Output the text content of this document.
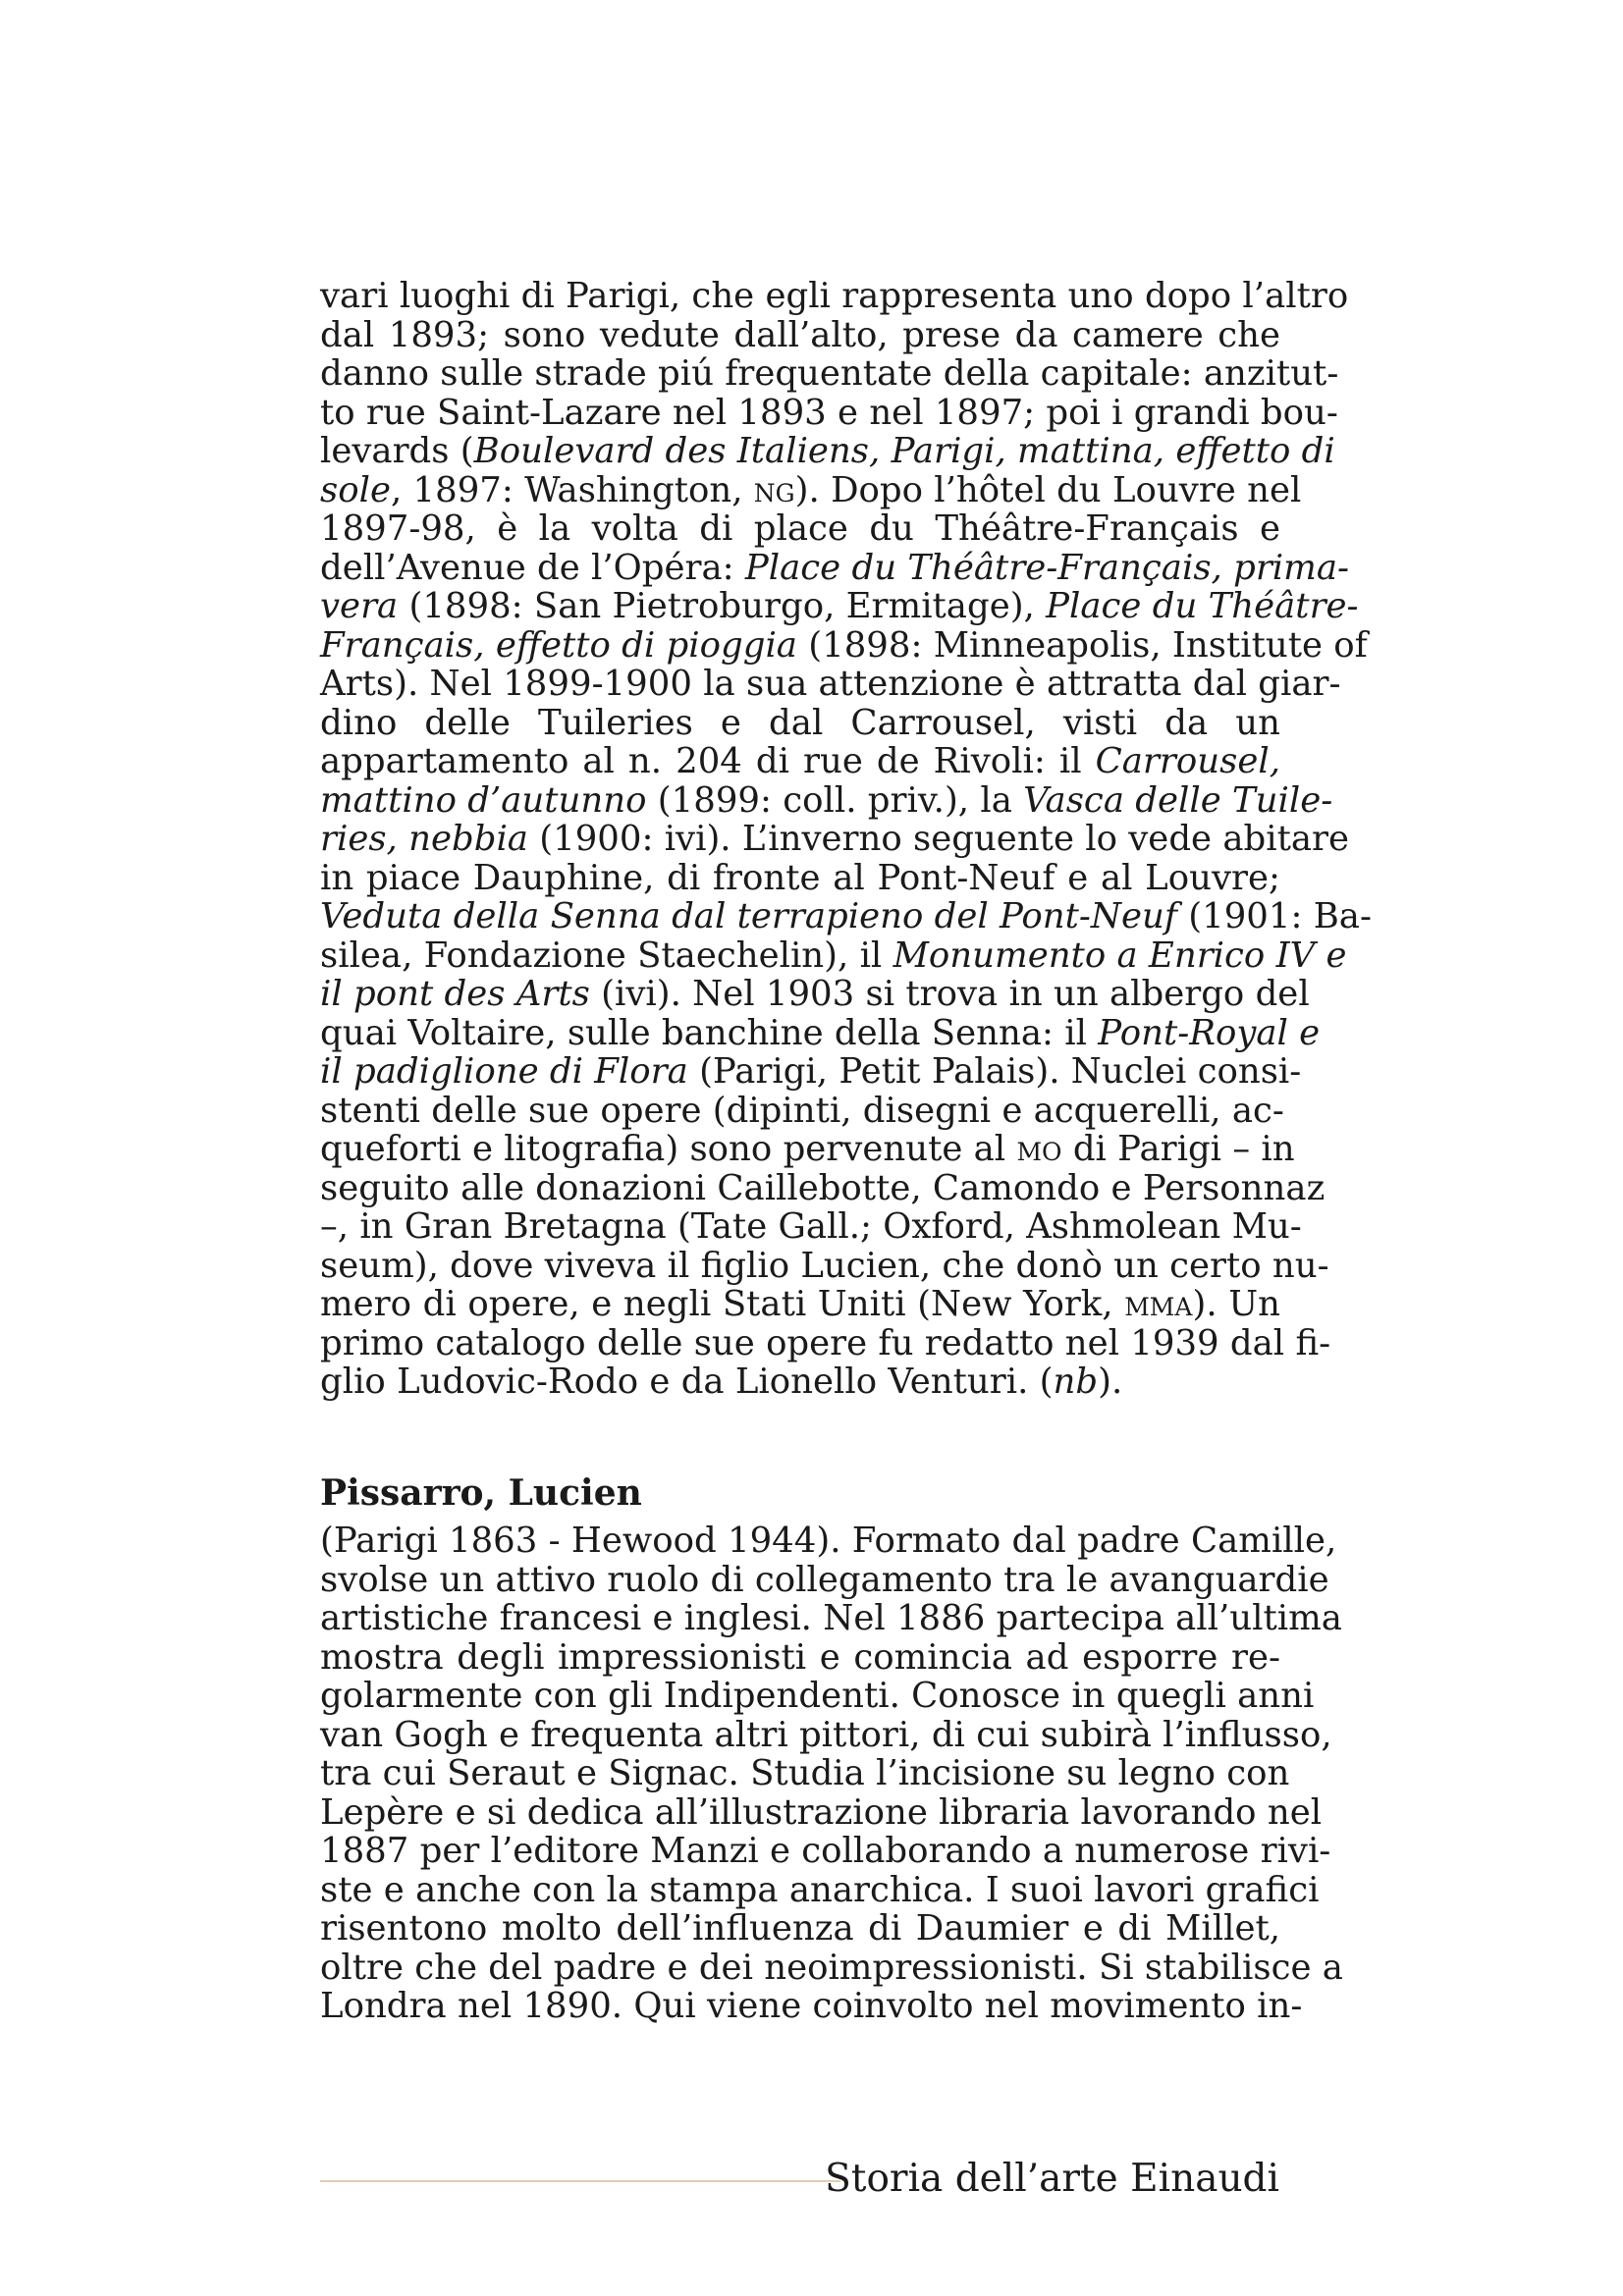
vari luoghi di Parigi, che egli rappresenta uno dopo l’altro
dal 1893; sono vedute dall’alto, prese da camere che
danno sulle strade piú frequentate della capitale: anzitut-
to rue Saint-Lazare nel 1893 e nel 1897; poi i grandi bou-
levards (Boulevard des Italiens, Parigi, mattina, effetto di
sole, 1897: Washington, ng). Dopo l’hôtel du Louvre nel
1897-98, è la volta di place du Théâtre-Français e
dell’Avenue de l’Opéra: Place du Théâtre-Français, prima-
vera (1898: San Pietroburgo, Ermitage), Place du Théâtre-
Français, effetto di pioggia (1898: Minneapolis, Institute of
Arts). Nel 1899-1900 la sua attenzione è attratta dal giar-
dino delle Tuileries e dal Carrousel, visti da un
appartamento al n. 204 di rue de Rivoli: il Carrousel,
mattino d’autunno (1899: coll. priv.), la Vasca delle Tuile-
ries, nebbia (1900: ivi). L’inverno seguente lo vede abitare
in piace Dauphine, di fronte al Pont-Neuf e al Louvre;
Veduta della Senna dal terrapieno del Pont-Neuf (1901: Ba-
silea, Fondazione Staechelin), il Monumento a Enrico IV e
il pont des Arts (ivi). Nel 1903 si trova in un albergo del
quai Voltaire, sulle banchine della Senna: il Pont-Royal e
il padiglione di Flora (Parigi, Petit Palais). Nuclei consi-
stenti delle sue opere (dipinti, disegni e acquerelli, ac-
queforti e litografia) sono pervenute al mo di Parigi – in
seguito alle donazioni Caillebotte, Camondo e Personnaz
–, in Gran Bretagna (Tate Gall.; Oxford, Ashmolean Mu-
seum), dove viveva il figlio Lucien, che donò un certo nu-
mero di opere, e negli Stati Uniti (New York, mma). Un
primo catalogo delle sue opere fu redatto nel 1939 dal fi-
glio Ludovic-Rodo e da Lionello Venturi. (nb).
Pissarro, Lucien
(Parigi 1863 - Hewood 1944). Formato dal padre Camille,
svolse un attivo ruolo di collegamento tra le avanguardie
artistiche francesi e inglesi. Nel 1886 partecipa all’ultima
mostra degli impressionisti e comincia ad esporre re-
golarmente con gli Indipendenti. Conosce in quegli anni
van Gogh e frequenta altri pittori, di cui subirà l’influsso,
tra cui Seraut e Signac. Studia l’incisione su legno con
Lepère e si dedica all’illustrazione libraria lavorando nel
1887 per l’editore Manzi e collaborando a numerose rivi-
ste e anche con la stampa anarchica. I suoi lavori grafici
risentono molto dell’influenza di Daumier e di Millet,
oltre che del padre e dei neoimpressionisti. Si stabilisce a
Londra nel 1890. Qui viene coinvolto nel movimento in-
Storia dell’arte Einaudi
